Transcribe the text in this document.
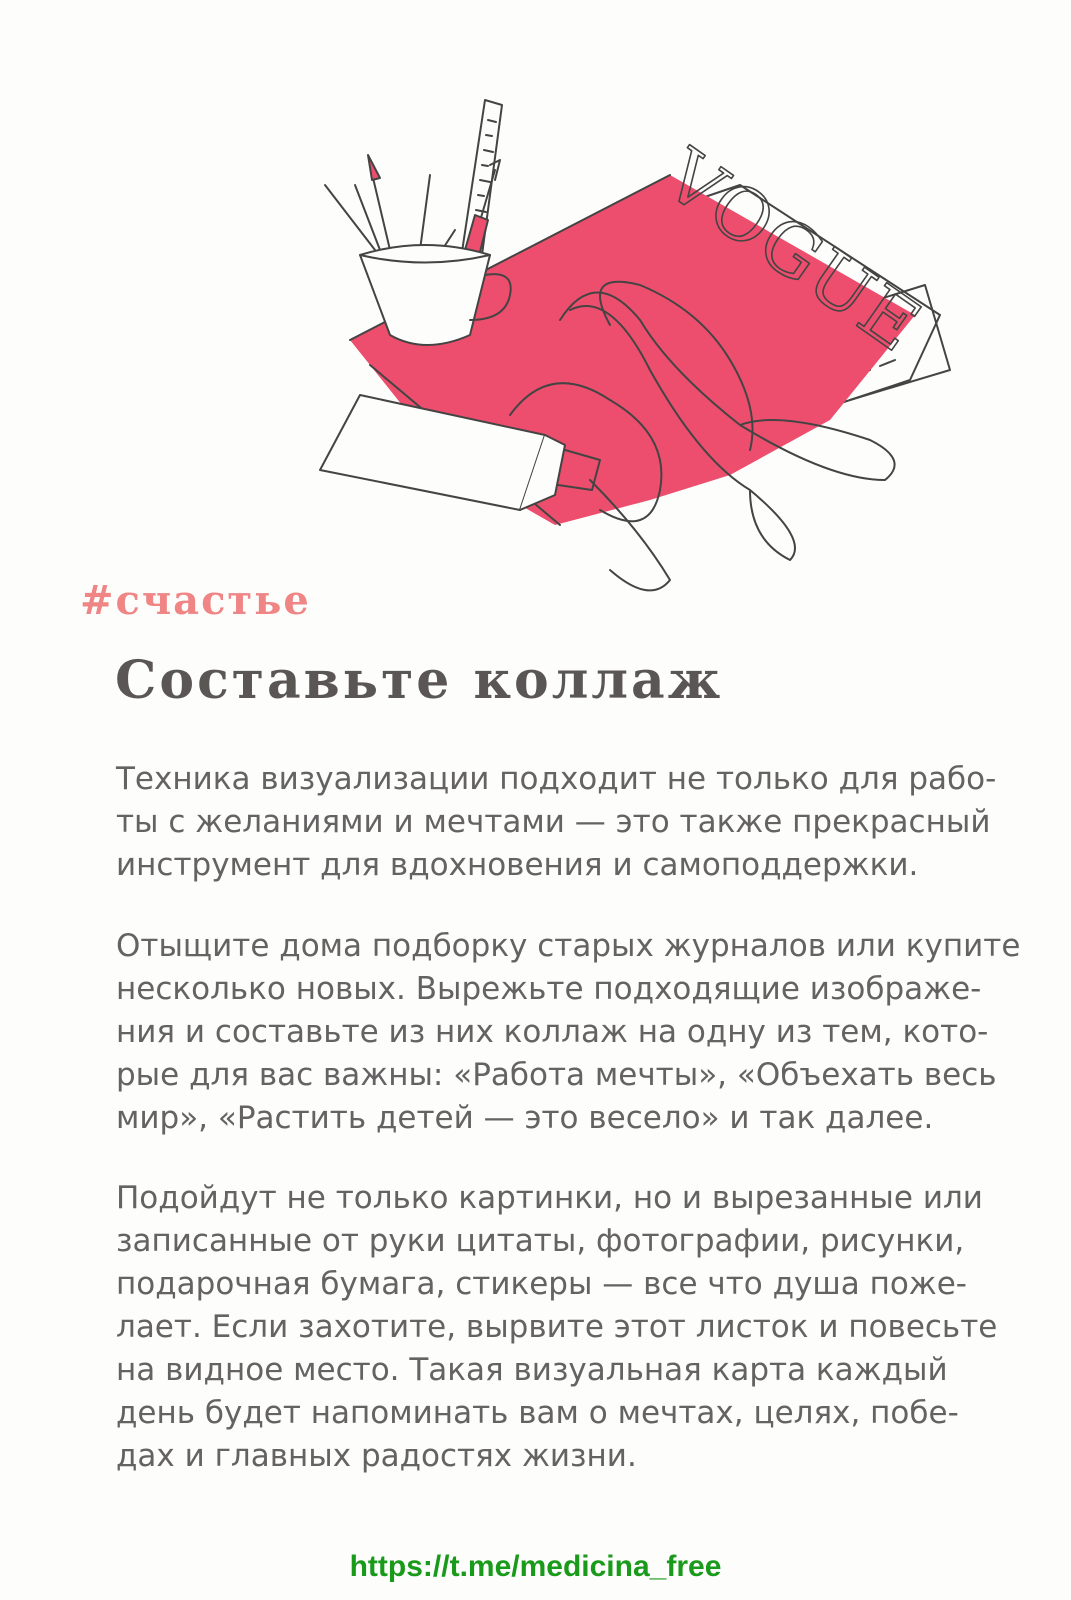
VOGUE
#счастье
Составьте коллаж

Техника визуализации подходит не только для рабо-
ты с желаниями и мечтами — это также прекрасный
инструмент для вдохновения и самоподдержки.

Отыщите дома подборку старых журналов или купите
несколько новых. Вырежьте подходящие изображе-
ния и составьте из них коллаж на одну из тем, кото-
рые для вас важны: «Работа мечты», «Объехать весь
мир», «Растить детей — это весело» и так далее.

Подойдут не только картинки, но и вырезанные или
записанные от руки цитаты, фотографии, рисунки,
подарочная бумага, стикеры — все что душа поже-
лает. Если захотите, вырвите этот листок и повесьте
на видное место. Такая визуальная карта каждый
день будет напоминать вам о мечтах, целях, побе-
дах и главных радостях жизни.

https://t.me/medicina_free
